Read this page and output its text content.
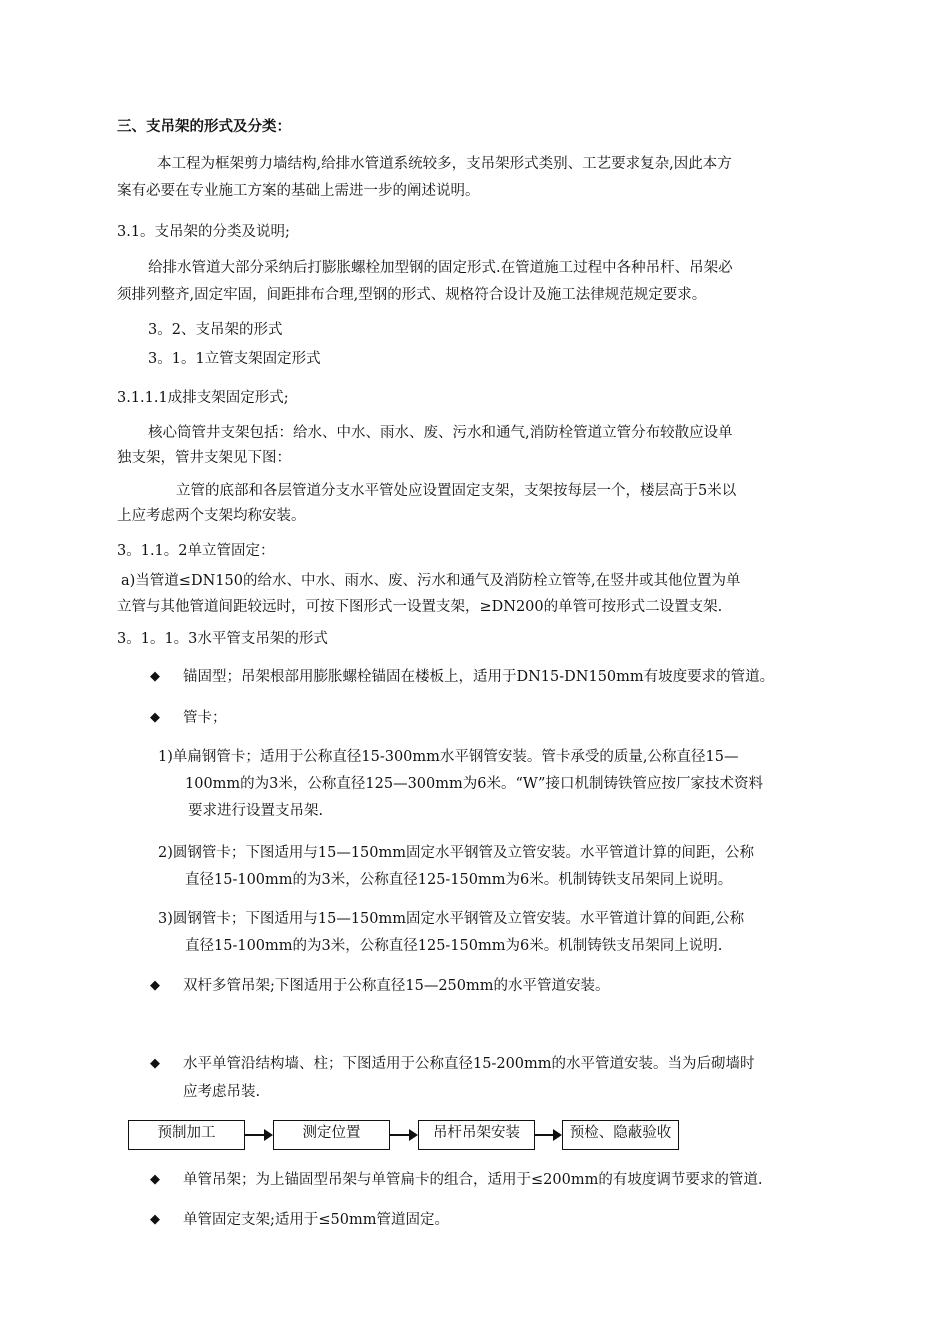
三、支吊架的形式及分类：
本工程为框架剪力墙结构,给排水管道系统较多，支吊架形式类别、工艺要求复杂,因此本方
案有必要在专业施工方案的基础上需进一步的阐述说明。
3.1。支吊架的分类及说明;
给排水管道大部分采纳后打膨胀螺栓加型钢的固定形式.在管道施工过程中各种吊杆、吊架必
须排列整齐,固定牢固，间距排布合理,型钢的形式、规格符合设计及施工法律规范规定要求。
3。2、支吊架的形式
3。1。1立管支架固定形式
3.1.1.1成排支架固定形式;
核心筒管井支架包括：给水、中水、雨水、废、污水和通气,消防栓管道立管分布较散应设单
独支架，管井支架见下图：
立管的底部和各层管道分支水平管处应设置固定支架，支架按每层一个，楼层高于5米以
上应考虑两个支架均称安装。
3。1.1。2单立管固定：
a)当管道≤DN150的给水、中水、雨水、废、污水和通气及消防栓立管等,在竖井或其他位置为单
立管与其他管道间距较远时，可按下图形式一设置支架，≥DN200的单管可按形式二设置支架.
3。1。1。3水平管支吊架的形式
◆ 锚固型；吊架根部用膨胀螺栓锚固在楼板上，适用于DN15-DN150mm有坡度要求的管道。
◆ 管卡；
1)单扁钢管卡；适用于公称直径15-300mm水平钢管安装。管卡承受的质量,公称直径15—
100mm的为3米，公称直径125—300mm为6米。“W”接口机制铸铁管应按厂家技术资料
要求进行设置支吊架.
2)圆钢管卡；下图适用与15—150mm固定水平钢管及立管安装。水平管道计算的间距，公称
直径15-100mm的为3米，公称直径125-150mm为6米。机制铸铁支吊架同上说明。
3)圆钢管卡；下图适用与15—150mm固定水平钢管及立管安装。水平管道计算的间距,公称
直径15-100mm的为3米，公称直径125-150mm为6米。机制铸铁支吊架同上说明.
◆ 双杆多管吊架;下图适用于公称直径15—250mm的水平管道安装。
◆ 水平单管沿结构墙、柱；下图适用于公称直径15-200mm的水平管道安装。当为后砌墙时
应考虑吊装.
预制加工	测定位置	吊杆吊架安装	预检、隐蔽验收
◆ 单管吊架；为上锚固型吊架与单管扁卡的组合，适用于≤200mm的有坡度调节要求的管道.
◆ 单管固定支架;适用于≤50mm管道固定。
